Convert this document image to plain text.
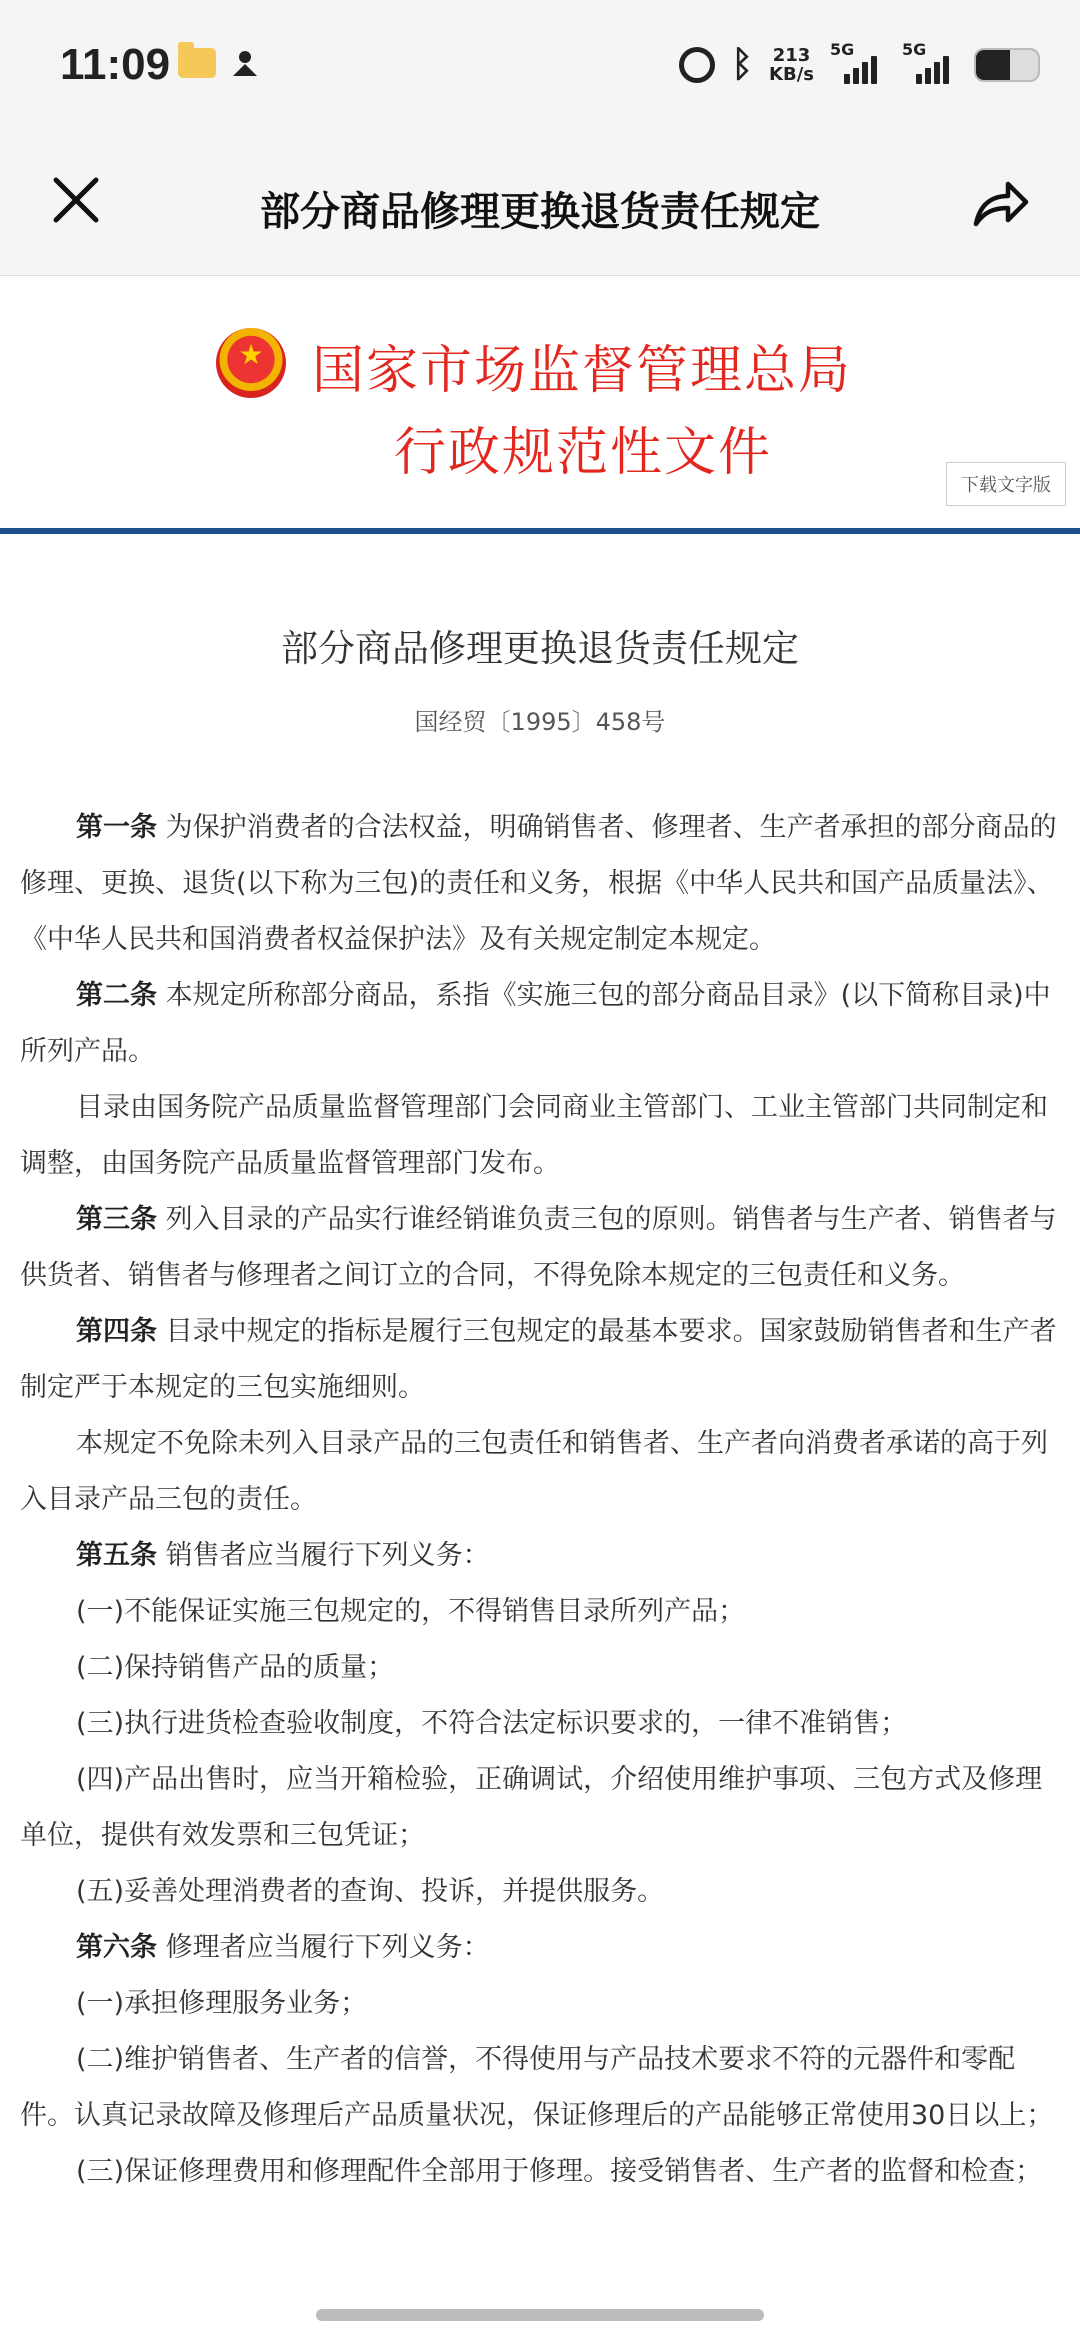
11:09	ᛒ 213
KB/s
5G	5G
部分商品修理更换退货责任规定
★
国家市场监督管理总局
行政规范性文件
下载文字版
部分商品修理更换退货责任规定
国经贸〔1995〕458号

第一条 为保护消费者的合法权益，明确销售者、修理者、生产者承担的部分商品的修理、更换、退货(以下称为三包)的责任和义务，根据《中华人民共和国产品质量法》、《中华人民共和国消费者权益保护法》及有关规定制定本规定。

第二条 本规定所称部分商品，系指《实施三包的部分商品目录》(以下简称目录)中所列产品。

目录由国务院产品质量监督管理部门会同商业主管部门、工业主管部门共同制定和调整，由国务院产品质量监督管理部门发布。

第三条 列入目录的产品实行谁经销谁负责三包的原则。销售者与生产者、销售者与供货者、销售者与修理者之间订立的合同，不得免除本规定的三包责任和义务。

第四条 目录中规定的指标是履行三包规定的最基本要求。国家鼓励销售者和生产者制定严于本规定的三包实施细则。

本规定不免除未列入目录产品的三包责任和销售者、生产者向消费者承诺的高于列入目录产品三包的责任。

第五条 销售者应当履行下列义务：

(一)不能保证实施三包规定的，不得销售目录所列产品；

(二)保持销售产品的质量；

(三)执行进货检查验收制度，不符合法定标识要求的，一律不准销售；

(四)产品出售时，应当开箱检验，正确调试，介绍使用维护事项、三包方式及修理单位，提供有效发票和三包凭证；

(五)妥善处理消费者的查询、投诉，并提供服务。

第六条 修理者应当履行下列义务：

(一)承担修理服务业务；

(二)维护销售者、生产者的信誉，不得使用与产品技术要求不符的元器件和零配件。认真记录故障及修理后产品质量状况，保证修理后的产品能够正常使用30日以上；

(三)保证修理费用和修理配件全部用于修理。接受销售者、生产者的监督和检查；
